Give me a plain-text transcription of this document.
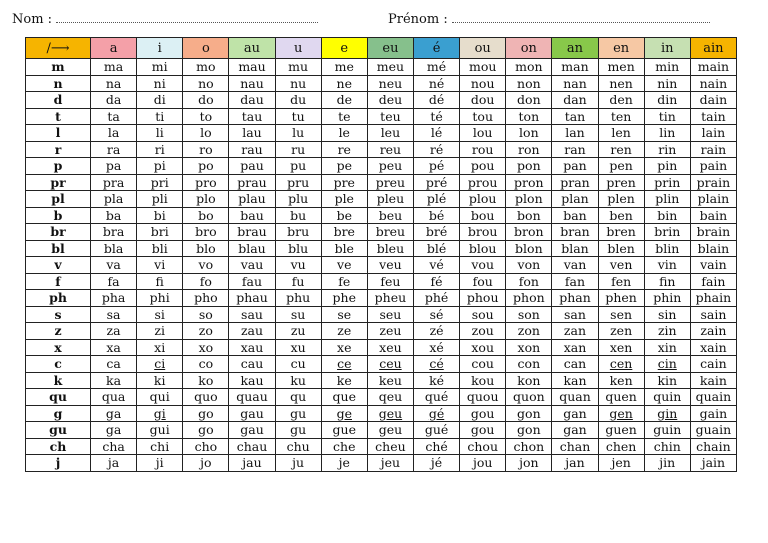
Nom :	Prénom :
/⟶	a	i	o	au	u	e	eu	é	ou	on	an	en	in	ain
m	ma	mi	mo	mau	mu	me	meu	mé	mou	mon	man	men	min	main
n	na	ni	no	nau	nu	ne	neu	né	nou	non	nan	nen	nin	nain
d	da	di	do	dau	du	de	deu	dé	dou	don	dan	den	din	dain
t	ta	ti	to	tau	tu	te	teu	té	tou	ton	tan	ten	tin	tain
l	la	li	lo	lau	lu	le	leu	lé	lou	lon	lan	len	lin	lain
r	ra	ri	ro	rau	ru	re	reu	ré	rou	ron	ran	ren	rin	rain
p	pa	pi	po	pau	pu	pe	peu	pé	pou	pon	pan	pen	pin	pain
pr	pra	pri	pro	prau	pru	pre	preu	pré	prou	pron	pran	pren	prin	prain
pl	pla	pli	plo	plau	plu	ple	pleu	plé	plou	plon	plan	plen	plin	plain
b	ba	bi	bo	bau	bu	be	beu	bé	bou	bon	ban	ben	bin	bain
br	bra	bri	bro	brau	bru	bre	breu	bré	brou	bron	bran	bren	brin	brain
bl	bla	bli	blo	blau	blu	ble	bleu	blé	blou	blon	blan	blen	blin	blain
v	va	vi	vo	vau	vu	ve	veu	vé	vou	von	van	ven	vin	vain
f	fa	fi	fo	fau	fu	fe	feu	fé	fou	fon	fan	fen	fin	fain
ph	pha	phi	pho	phau	phu	phe	pheu	phé	phou	phon	phan	phen	phin	phain
s	sa	si	so	sau	su	se	seu	sé	sou	son	san	sen	sin	sain
z	za	zi	zo	zau	zu	ze	zeu	zé	zou	zon	zan	zen	zin	zain
x	xa	xi	xo	xau	xu	xe	xeu	xé	xou	xon	xan	xen	xin	xain
c	ca	ci	co	cau	cu	ce	ceu	cé	cou	con	can	cen	cin	cain
k	ka	ki	ko	kau	ku	ke	keu	ké	kou	kon	kan	ken	kin	kain
qu	qua	qui	quo	quau	qu	que	qeu	qué	quou	quon	quan	quen	quin	quain
g	ga	gi	go	gau	gu	ge	geu	gé	gou	gon	gan	gen	gin	gain
gu	ga	gui	go	gau	gu	gue	geu	gué	gou	gon	gan	guen	guin	guain
ch	cha	chi	cho	chau	chu	che	cheu	ché	chou	chon	chan	chen	chin	chain
j	ja	ji	jo	jau	ju	je	jeu	jé	jou	jon	jan	jen	jin	jain
